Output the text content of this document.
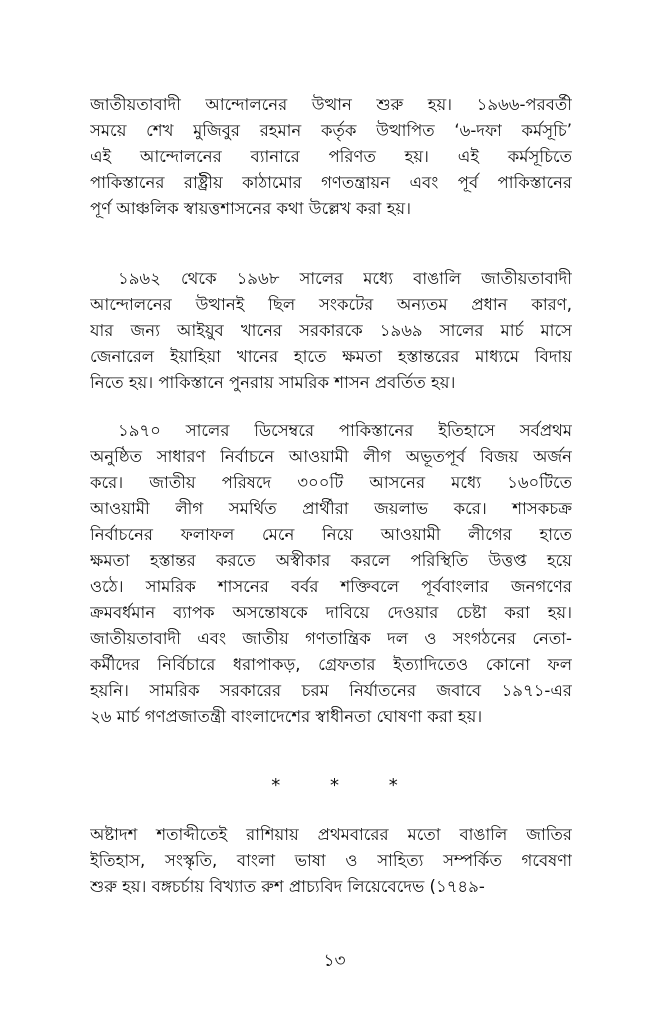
জাতীয়তাবাদী আন্দোলনের উত্থান শুরু হয়। ১৯৬৬-পরবর্তী
সময়ে শেখ মুজিবুর রহমান কর্তৃক উত্থাপিত ‘৬-দফা কর্মসূচি’
এই আন্দোলনের ব্যানারে পরিণত হয়। এই কর্মসূচিতে
পাকিস্তানের রাষ্ট্রীয় কাঠামোর গণতন্ত্রায়ন এবং পূর্ব পাকিস্তানের
পূর্ণ আঞ্চলিক স্বায়ত্তশাসনের কথা উল্লেখ করা হয়।
১৯৬২ থেকে ১৯৬৮ সালের মধ্যে বাঙালি জাতীয়তাবাদী
আন্দোলনের উত্থানই ছিল সংকটের অন্যতম প্রধান কারণ,
যার জন্য আইয়ুব খানের সরকারকে ১৯৬৯ সালের মার্চ মাসে
জেনারেল ইয়াহিয়া খানের হাতে ক্ষমতা হস্তান্তরের মাধ্যমে বিদায়
নিতে হয়। পাকিস্তানে পুনরায় সামরিক শাসন প্রবর্তিত হয়।
১৯৭০ সালের ডিসেম্বরে পাকিস্তানের ইতিহাসে সর্বপ্রথম
অনুষ্ঠিত সাধারণ নির্বাচনে আওয়ামী লীগ অভূতপূর্ব বিজয় অর্জন
করে। জাতীয় পরিষদে ৩০০টি আসনের মধ্যে ১৬০টিতে
আওয়ামী লীগ সমর্থিত প্রার্থীরা জয়লাভ করে। শাসকচক্র
নির্বাচনের ফলাফল মেনে নিয়ে আওয়ামী লীগের হাতে
ক্ষমতা হস্তান্তর করতে অস্বীকার করলে পরিস্থিতি উত্তপ্ত হয়ে
ওঠে। সামরিক শাসনের বর্বর শক্তিবলে পূর্ববাংলার জনগণের
ক্রমবর্ধমান ব্যাপক অসন্তোষকে দাবিয়ে দেওয়ার চেষ্টা করা হয়।
জাতীয়তাবাদী এবং জাতীয় গণতান্ত্রিক দল ও সংগঠনের নেতা-
কর্মীদের নির্বিচারে ধরাপাকড়, গ্রেফতার ইত্যাদিতেও কোনো ফল
হয়নি। সামরিক সরকারের চরম নির্যাতনের জবাবে ১৯৭১-এর
২৬ মার্চ গণপ্রজাতন্ত্রী বাংলাদেশের স্বাধীনতা ঘোষণা করা হয়।
* * *
অষ্টাদশ শতাব্দীতেই রাশিয়ায় প্রথমবারের মতো বাঙালি জাতির
ইতিহাস, সংস্কৃতি, বাংলা ভাষা ও সাহিত্য সম্পর্কিত গবেষণা
শুরু হয়। বঙ্গচর্চায় বিখ্যাত রুশ প্রাচ্যবিদ লিয়েবেদেভ (১৭৪৯-
১৩
